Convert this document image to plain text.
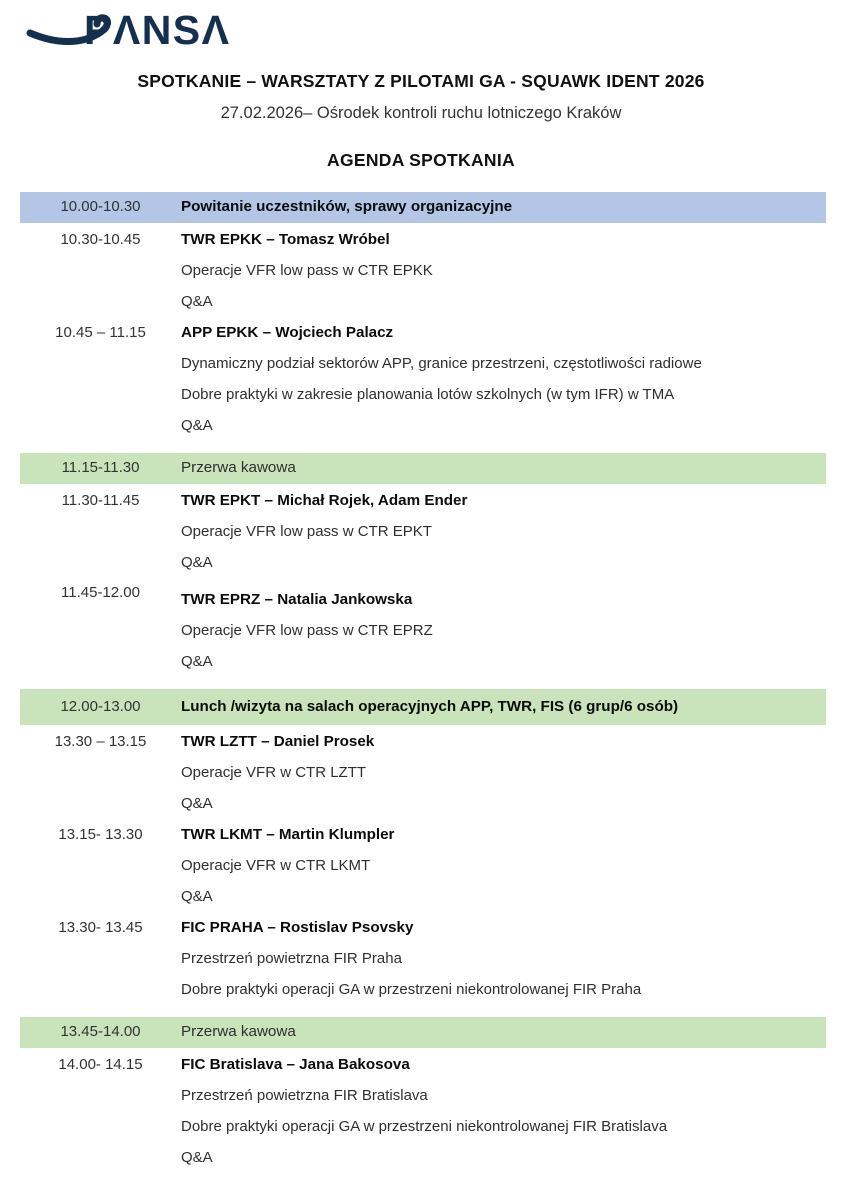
PΛNSΛ
SPOTKANIE – WARSZTATY Z PILOTAMI GA - SQUAWK IDENT 2026
27.02.2026– Ośrodek kontroli ruchu lotniczego Kraków
AGENDA SPOTKANIA
10.00-10.30	Powitanie uczestników, sprawy organizacyjne
10.30-10.45	TWR EPKK – Tomasz Wróbel
Operacje VFR low pass w CTR EPKK
Q&A
10.45 – 11.15	APP EPKK – Wojciech Palacz
Dynamiczny podział sektorów APP, granice przestrzeni, częstotliwości radiowe
Dobre praktyki w zakresie planowania lotów szkolnych (w tym IFR) w TMA
Q&A
11.15-11.30	Przerwa kawowa
11.30-11.45	TWR EPKT – Michał Rojek, Adam Ender
Operacje VFR low pass w CTR EPKT
Q&A
11.45-12.00	TWR EPRZ – Natalia Jankowska
Operacje VFR low pass w CTR EPRZ
Q&A
12.00-13.00	Lunch /wizyta na salach operacyjnych APP, TWR, FIS (6 grup/6 osób)
13.30 – 13.15	TWR LZTT – Daniel Prosek
Operacje VFR w CTR LZTT
Q&A
13.15- 13.30	TWR LKMT – Martin Klumpler
Operacje VFR w CTR LKMT
Q&A
13.30- 13.45	FIC PRAHA – Rostislav Psovsky
Przestrzeń powietrzna FIR Praha
Dobre praktyki operacji GA w przestrzeni niekontrolowanej FIR Praha
13.45-14.00	Przerwa kawowa
14.00- 14.15	FIC Bratislava – Jana Bakosova
Przestrzeń powietrzna FIR Bratislava
Dobre praktyki operacji GA w przestrzeni niekontrolowanej FIR Bratislava
Q&A
